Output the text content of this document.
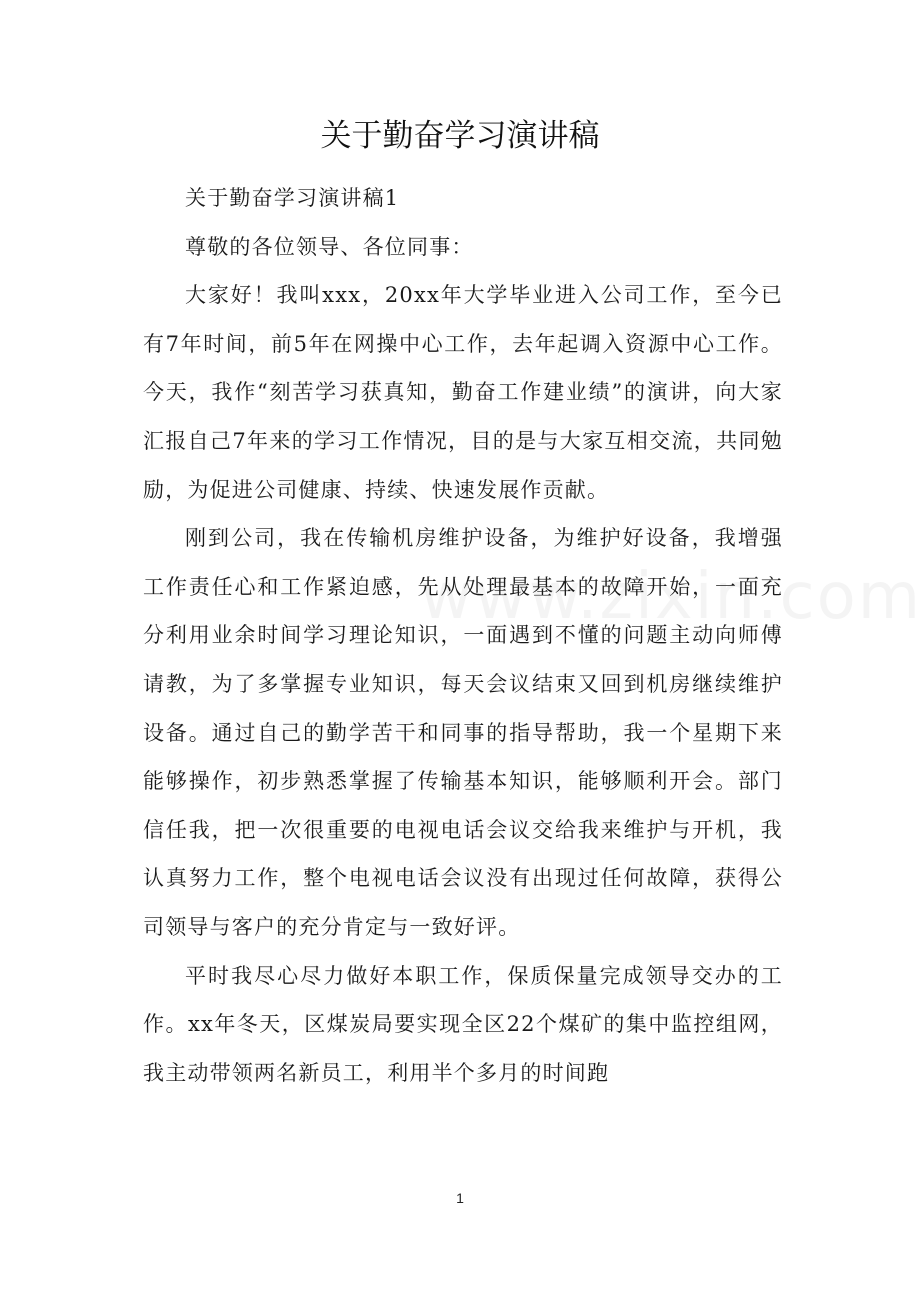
关于勤奋学习演讲稿

关于勤奋学习演讲稿1

尊敬的各位领导、各位同事：

大家好！我叫xxx，20xx年大学毕业进入公司工作，至今已有7年时间，前5年在网操中心工作，去年起调入资源中心工作。今天，我作“刻苦学习获真知，勤奋工作建业绩”的演讲，向大家汇报自己7年来的学习工作情况，目的是与大家互相交流，共同勉励，为促进公司健康、持续、快速发展作贡献。

刚到公司，我在传输机房维护设备，为维护好设备，我增强工作责任心和工作紧迫感，先从处理最基本的故障开始，一面充分利用业余时间学习理论知识，一面遇到不懂的问题主动向师傅请教，为了多掌握专业知识，每天会议结束又回到机房继续维护设备。通过自己的勤学苦干和同事的指导帮助，我一个星期下来能够操作，初步熟悉掌握了传输基本知识，能够顺利开会。部门信任我，把一次很重要的电视电话会议交给我来维护与开机，我认真努力工作，整个电视电话会议没有出现过任何故障，获得公司领导与客户的充分肯定与一致好评。

平时我尽心尽力做好本职工作，保质保量完成领导交办的工作。xx年冬天，区煤炭局要实现全区22个煤矿的集中监控组网，我主动带领两名新员工，利用半个多月的时间跑

1
